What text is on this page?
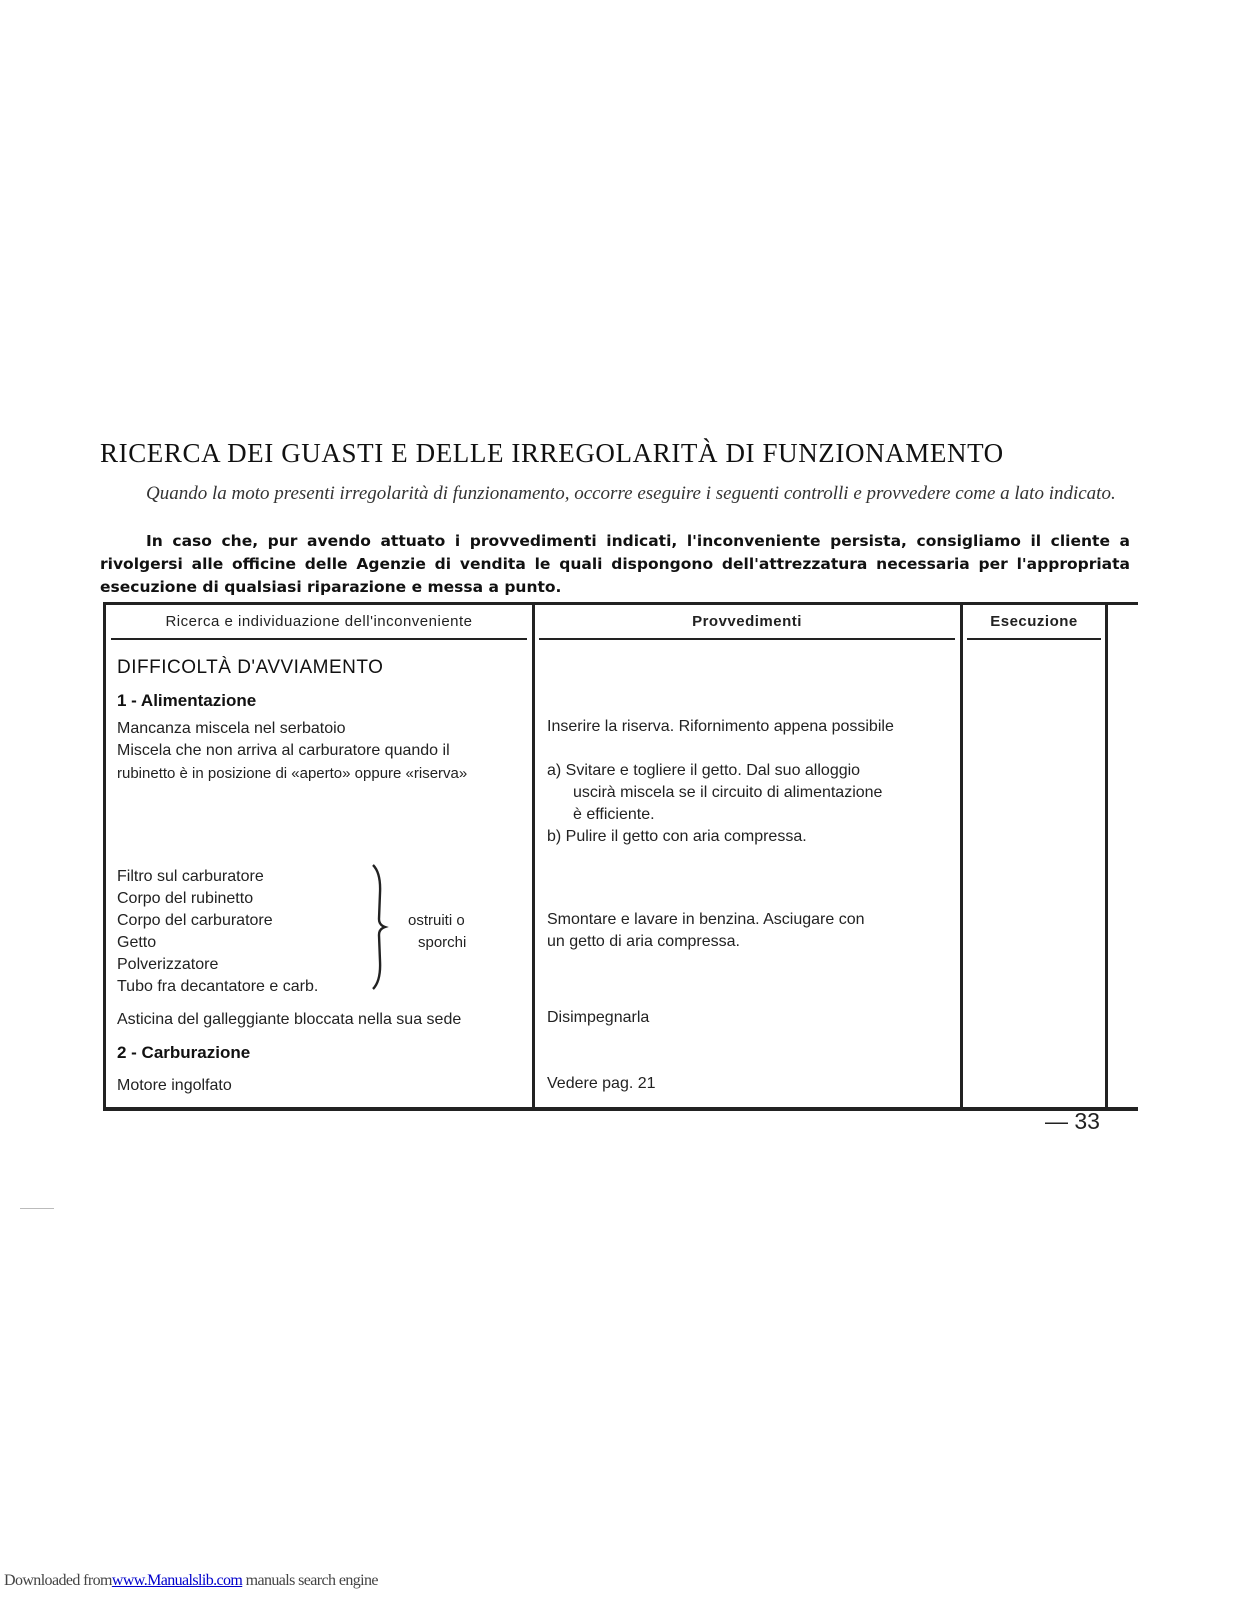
RICERCA DEI GUASTI E DELLE IRREGOLARITÀ DI FUNZIONAMENTO
Quando la moto presenti irregolarità di funzionamento, occorre eseguire i seguenti controlli e provvedere come a lato indicato.
In caso che, pur avendo attuato i provvedimenti indicati, l'inconveniente persista, consigliamo il cliente a rivolgersi alle officine delle Agenzie di vendita le quali dispongono dell'attrezzatura necessaria per l'appropriata esecuzione di qualsiasi riparazione e messa a punto.
Ricerca e individuazione dell'inconveniente	Provvedimenti	Esecuzione
DIFFICOLTÀ D'AVVIAMENTO
1 - Alimentazione
Mancanza miscela nel serbatoio
Miscela che non arriva al carburatore quando il
rubinetto è in posizione di «aperto» oppure «riserva»
Filtro sul carburatore
Corpo del rubinetto
Corpo del carburatore
Getto
Polverizzatore
Tubo fra decantatore e carb.
ostruiti o
sporchi
Asticina del galleggiante bloccata nella sua sede
2 - Carburazione
Motore ingolfato
Inserire la riserva. Rifornimento appena possibile
a) Svitare e togliere il getto. Dal suo alloggio
uscirà miscela se il circuito di alimentazione
è efficiente.
b) Pulire il getto con aria compressa.
Smontare e lavare in benzina. Asciugare con
un getto di aria compressa.
Disimpegnarla
Vedere pag. 21
— 33
Downloaded fromwww.Manualslib.com manuals search engine
